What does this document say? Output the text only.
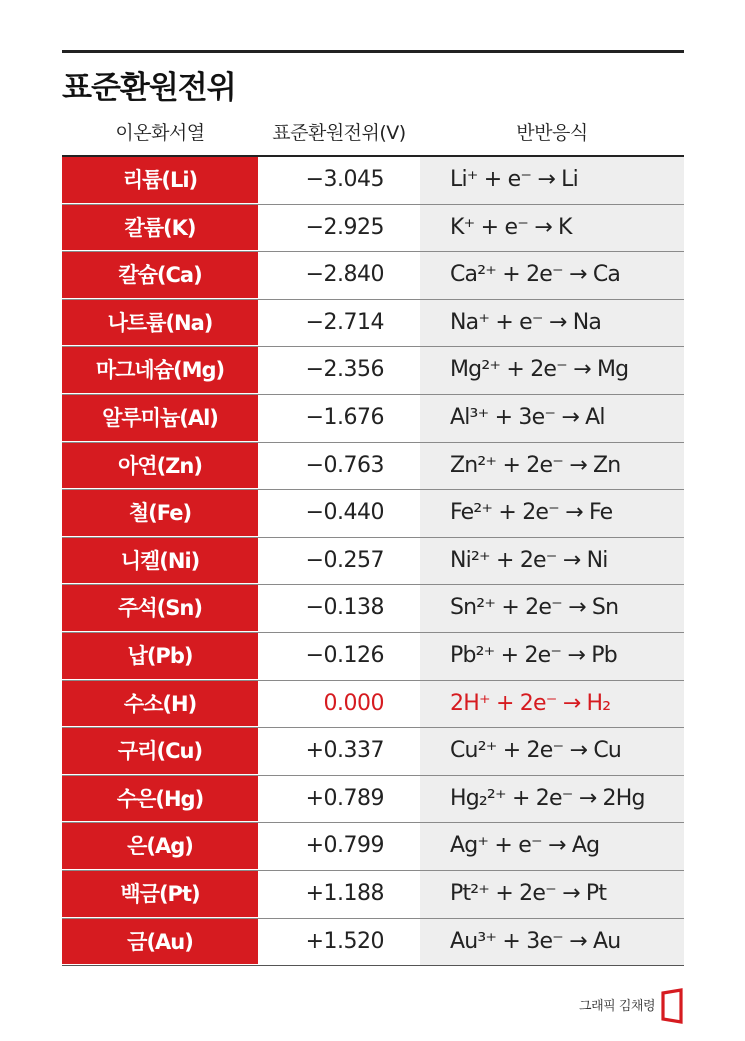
표준환원전위
이온화서열	표준환원전위(V)	반반응식
리튬(Li)	−3.045	Li⁺ + e⁻ → Li
칼륨(K)	−2.925	K⁺ + e⁻ → K
칼슘(Ca)	−2.840	Ca²⁺ + 2e⁻ → Ca
나트륨(Na)	−2.714	Na⁺ + e⁻ → Na
마그네슘(Mg)	−2.356	Mg²⁺ + 2e⁻ → Mg
알루미늄(Al)	−1.676	Al³⁺ + 3e⁻ → Al
아연(Zn)	−0.763	Zn²⁺ + 2e⁻ → Zn
철(Fe)	−0.440	Fe²⁺ + 2e⁻ → Fe
니켈(Ni)	−0.257	Ni²⁺ + 2e⁻ → Ni
주석(Sn)	−0.138	Sn²⁺ + 2e⁻ → Sn
납(Pb)	−0.126	Pb²⁺ + 2e⁻ → Pb
수소(H)	0.000	2H⁺ + 2e⁻ → H₂
구리(Cu)	+0.337	Cu²⁺ + 2e⁻ → Cu
수은(Hg)	+0.789	Hg₂²⁺ + 2e⁻ → 2Hg
은(Ag)	+0.799	Ag⁺ + e⁻ → Ag
백금(Pt)	+1.188	Pt²⁺ + 2e⁻ → Pt
금(Au)	+1.520	Au³⁺ + 3e⁻ → Au
그래픽 김채령
